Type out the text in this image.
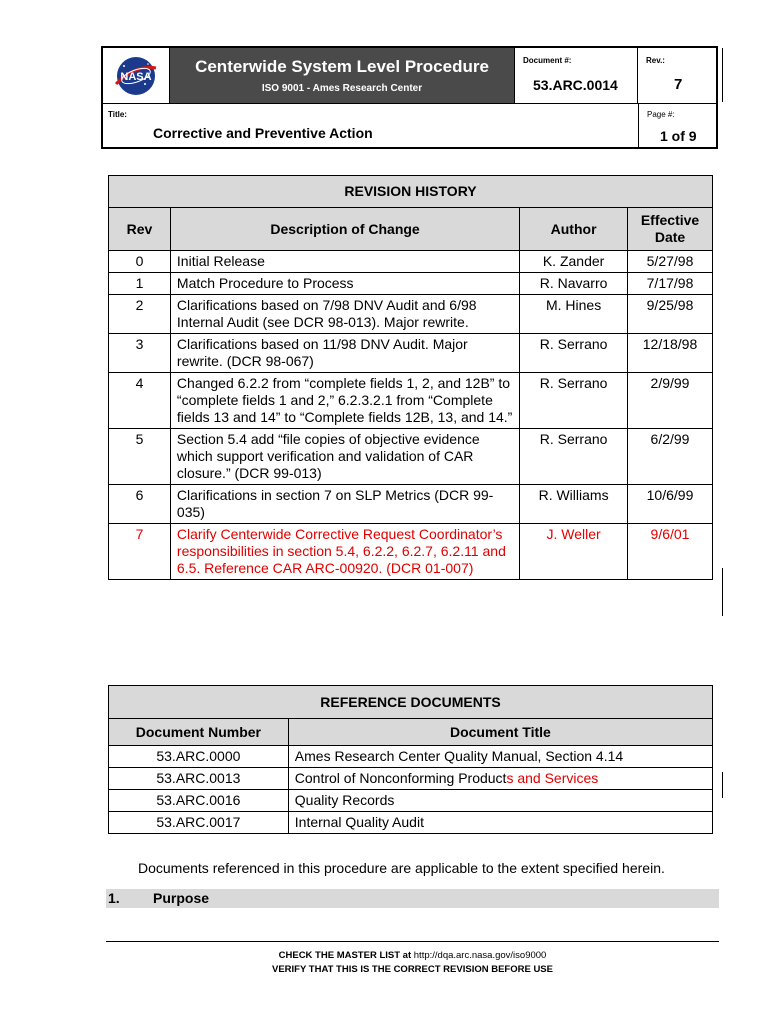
NASA
Centerwide System Level Procedure
ISO 9001 - Ames Research Center
Document #:
53.ARC.0014
Rev.:
7
Title:
Corrective and Preventive Action
Page #:
1 of 9
REVISION HISTORY			
Rev	Description of Change	Author	Effective Date
0	Initial Release	K. Zander	5/27/98
1	Match Procedure to Process	R. Navarro	7/17/98
2	Clarifications based on 7/98 DNV Audit and 6/98 Internal Audit (see DCR 98-013). Major rewrite.	M. Hines	9/25/98
3	Clarifications based on 11/98 DNV Audit. Major rewrite. (DCR 98-067)	R. Serrano	12/18/98
4	Changed 6.2.2 from “complete fields 1, 2, and 12B” to “complete fields 1 and 2,” 6.2.3.2.1 from “Complete fields 13 and 14” to “Complete fields 12B, 13, and 14.”	R. Serrano	2/9/99
5	Section 5.4 add “file copies of objective evidence which support verification and validation of CAR closure.” (DCR 99-013)	R. Serrano	6/2/99
6	Clarifications in section 7 on SLP Metrics (DCR 99-035)	R. Williams	10/6/99
7	Clarify Centerwide Corrective Request Coordinator’s responsibilities in section 5.4, 6.2.2, 6.2.7, 6.2.11 and 6.5. Reference CAR ARC-00920. (DCR 01-007)	J. Weller	9/6/01
REFERENCE DOCUMENTS	
Document Number	Document Title
53.ARC.0000	Ames Research Center Quality Manual, Section 4.14
53.ARC.0013	Control of Nonconforming Products and Services
53.ARC.0016	Quality Records
53.ARC.0017	Internal Quality Audit
Documents referenced in this procedure are applicable to the extent specified herein.
1. Purpose
CHECK THE MASTER LIST at http://dqa.arc.nasa.gov/iso9000
VERIFY THAT THIS IS THE CORRECT REVISION BEFORE USE
